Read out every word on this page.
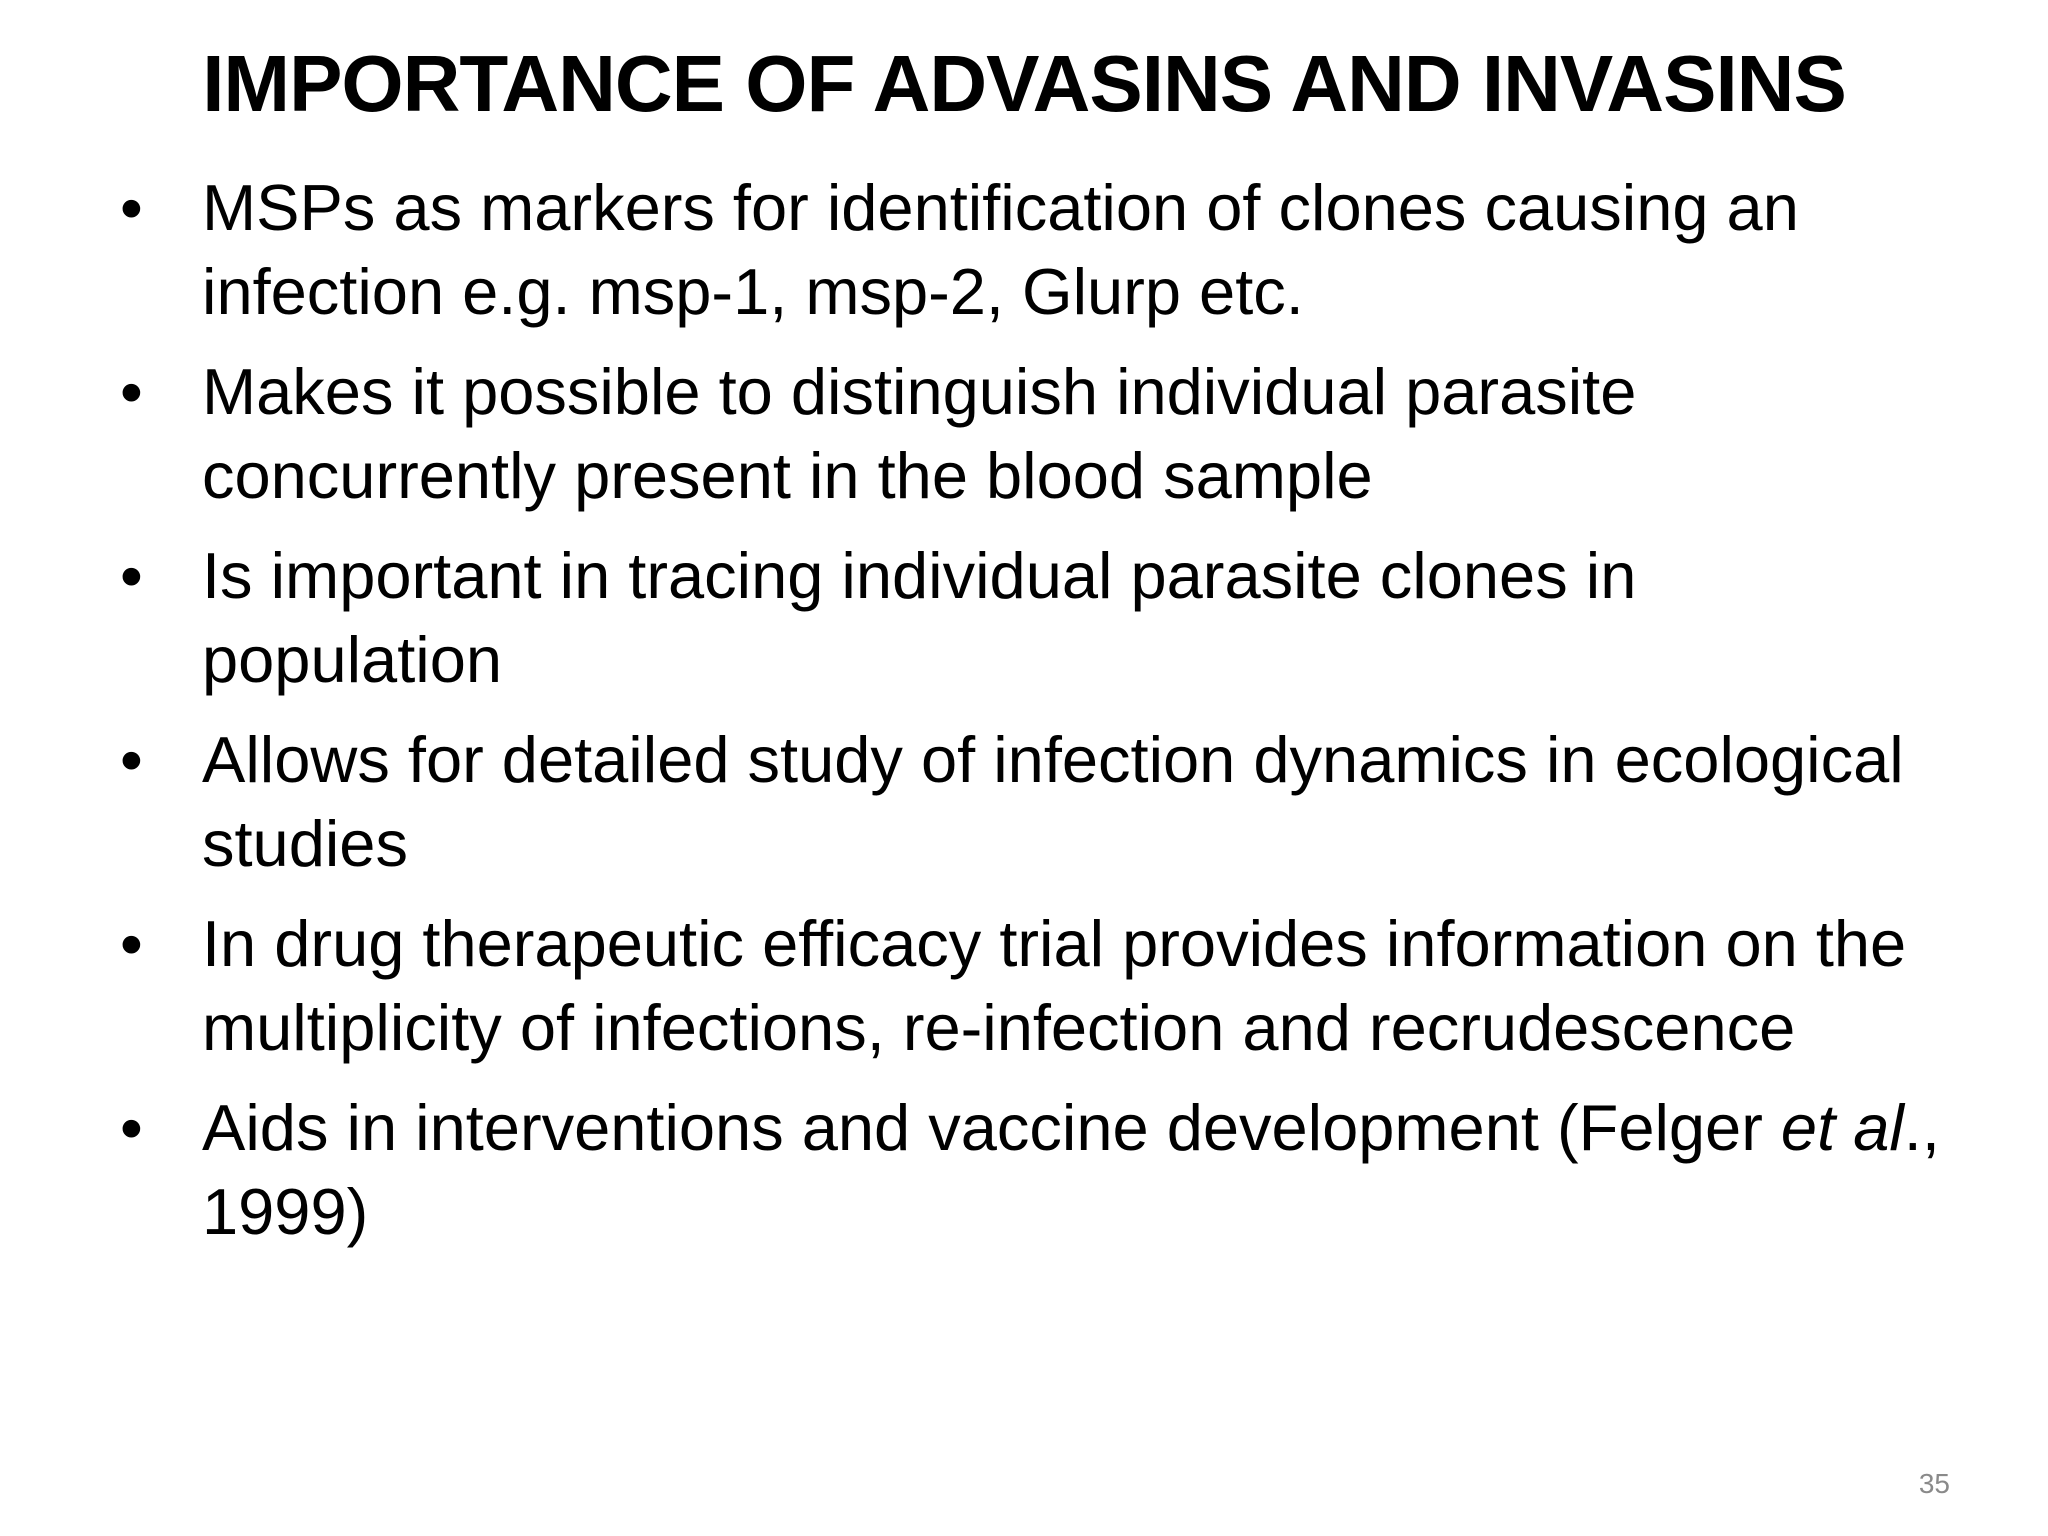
IMPORTANCE OF ADVASINS AND INVASINS
• MSPs as markers for identification of clones causing an infection e.g. msp-1, msp-2, Glurp etc.
• Makes it possible to distinguish individual parasite concurrently present in the blood sample
• Is important in tracing individual parasite clones in population
• Allows for detailed study of infection dynamics in ecological studies
• In drug therapeutic efficacy trial provides information on the multiplicity of infections, re-infection and recrudescence
• Aids in interventions and vaccine development (Felger et al., 1999)
35
